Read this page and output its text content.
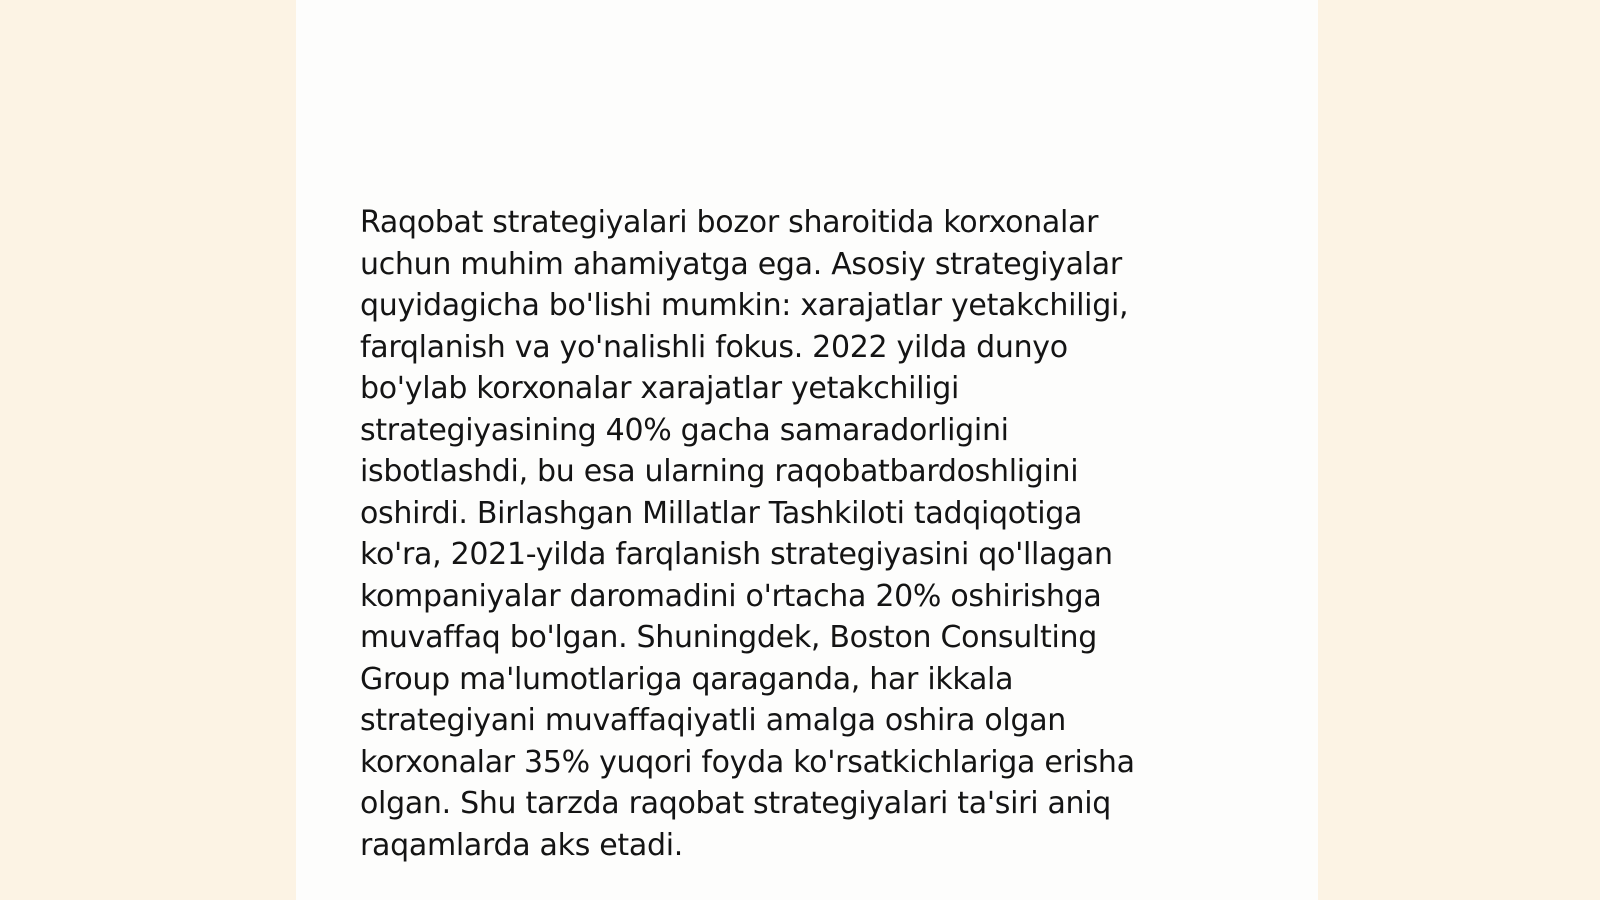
Raqobat strategiyalari bozor sharoitida korxonalar
uchun muhim ahamiyatga ega. Asosiy strategiyalar
quyidagicha bo'lishi mumkin: xarajatlar yetakchiligi,
farqlanish va yo'nalishli fokus. 2022 yilda dunyo
bo'ylab korxonalar xarajatlar yetakchiligi
strategiyasining 40% gacha samaradorligini
isbotlashdi, bu esa ularning raqobatbardoshligini
oshirdi. Birlashgan Millatlar Tashkiloti tadqiqotiga
ko'ra, 2021-yilda farqlanish strategiyasini qo'llagan
kompaniyalar daromadini o'rtacha 20% oshirishga
muvaffaq bo'lgan. Shuningdek, Boston Consulting
Group ma'lumotlariga qaraganda, har ikkala
strategiyani muvaffaqiyatli amalga oshira olgan
korxonalar 35% yuqori foyda ko'rsatkichlariga erisha
olgan. Shu tarzda raqobat strategiyalari ta'siri aniq
raqamlarda aks etadi.
